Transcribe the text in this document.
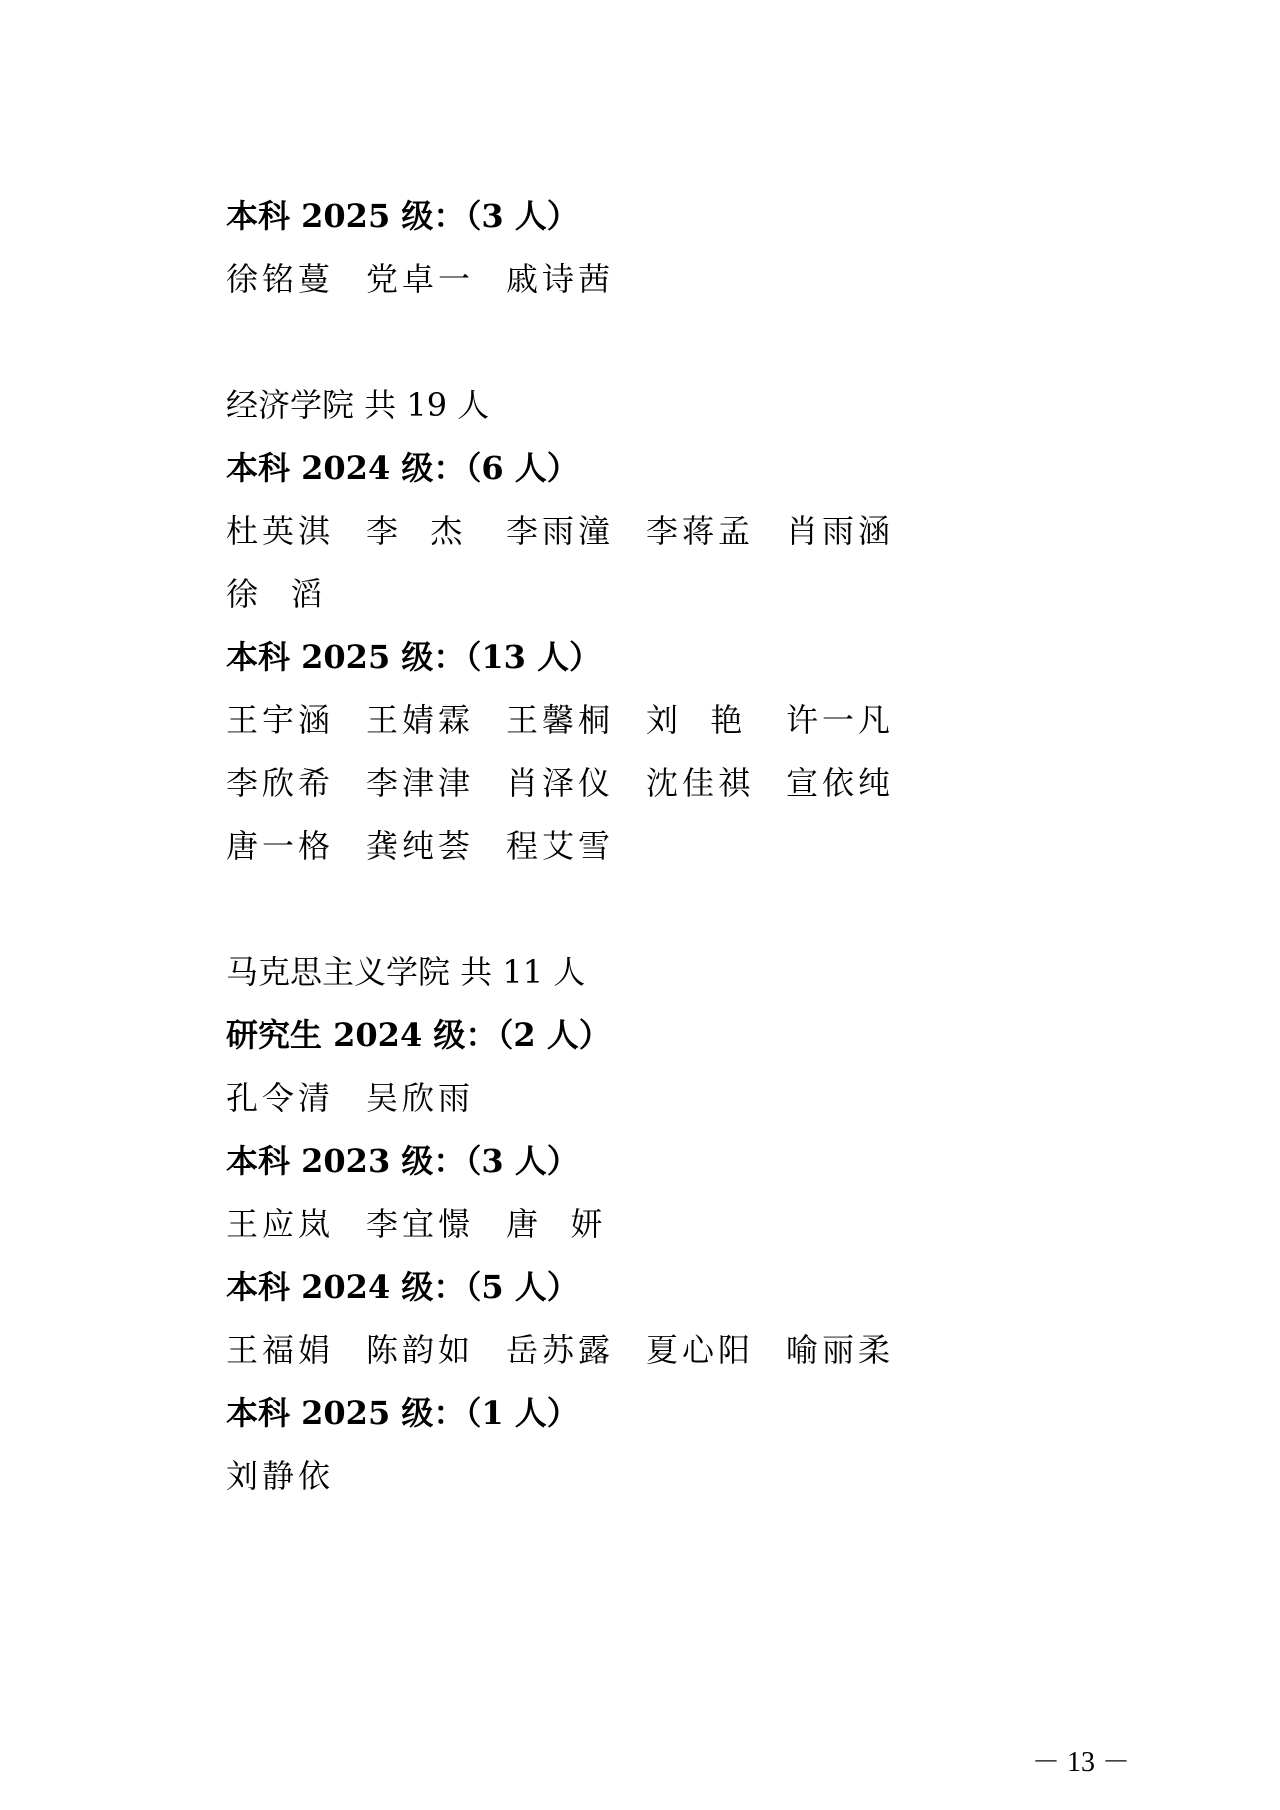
本科 2025 级：（3 人）
徐铭蔓 党卓一 戚诗茜
经济学院 共 19 人
本科 2024 级：（6 人）
杜英淇 李  杰	李雨潼 李蒋孟 肖雨涵
徐  滔
本科 2025 级：（13 人）
王宇涵 王婧霖 王馨桐 刘  艳	许一凡
李欣希 李津津 肖泽仪 沈佳祺 宣依纯
唐一格 龚纯荟 程艾雪
马克思主义学院 共 11 人
研究生 2024 级：（2 人）
孔令清 吴欣雨
本科 2023 级：（3 人）
王应岚 李宜憬 唐  妍
本科 2024 级：（5 人）
王福娟 陈韵如 岳苏露 夏心阳 喻丽柔
本科 2025 级：（1 人）
刘静依
－ 13 －
